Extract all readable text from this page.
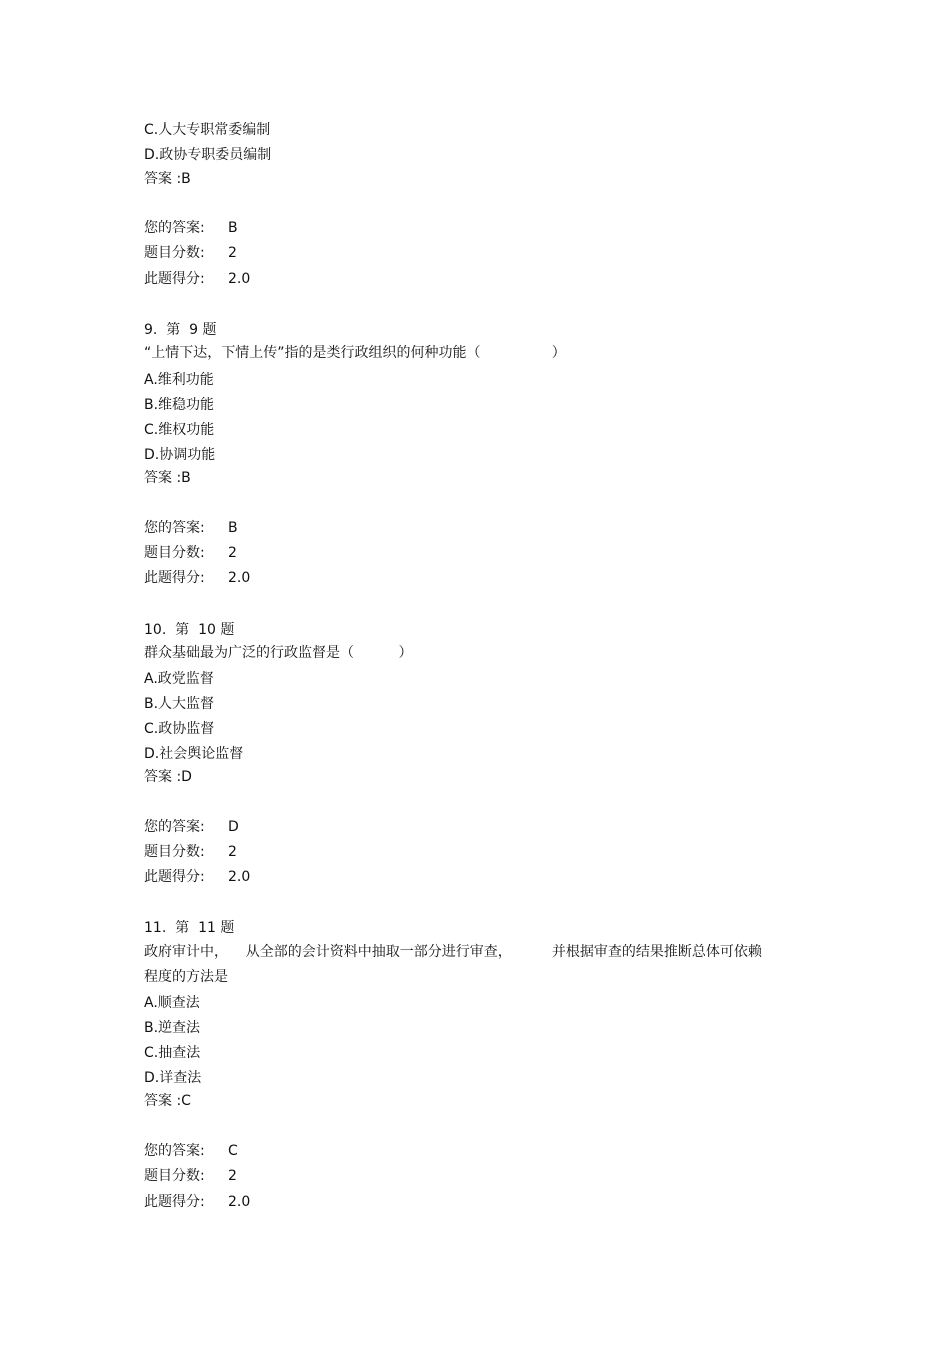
C.人大专职常委编制
D.政协专职委员编制
答案 :B
您的答案: B
题目分数: 2
此题得分: 2.0
9.  第  9 题
“上情下达，下情上传”指的是类行政组织的何种功能（                ）
A.维利功能
B.维稳功能
C.维权功能
D.协调功能
答案 :B
您的答案: B
题目分数: 2
此题得分: 2.0
10.  第  10 题
群众基础最为广泛的行政监督是（          ）
A.政党监督
B.人大监督
C.政协监督
D.社会舆论监督
答案 :D
您的答案: D
题目分数: 2
此题得分: 2.0
11.  第  11 题
政府审计中，    从全部的会计资料中抽取一部分进行审查，         并根据审查的结果推断总体可依赖
程度的方法是
A.顺查法
B.逆查法
C.抽查法
D.详查法
答案 :C
您的答案: C
题目分数: 2
此题得分: 2.0
